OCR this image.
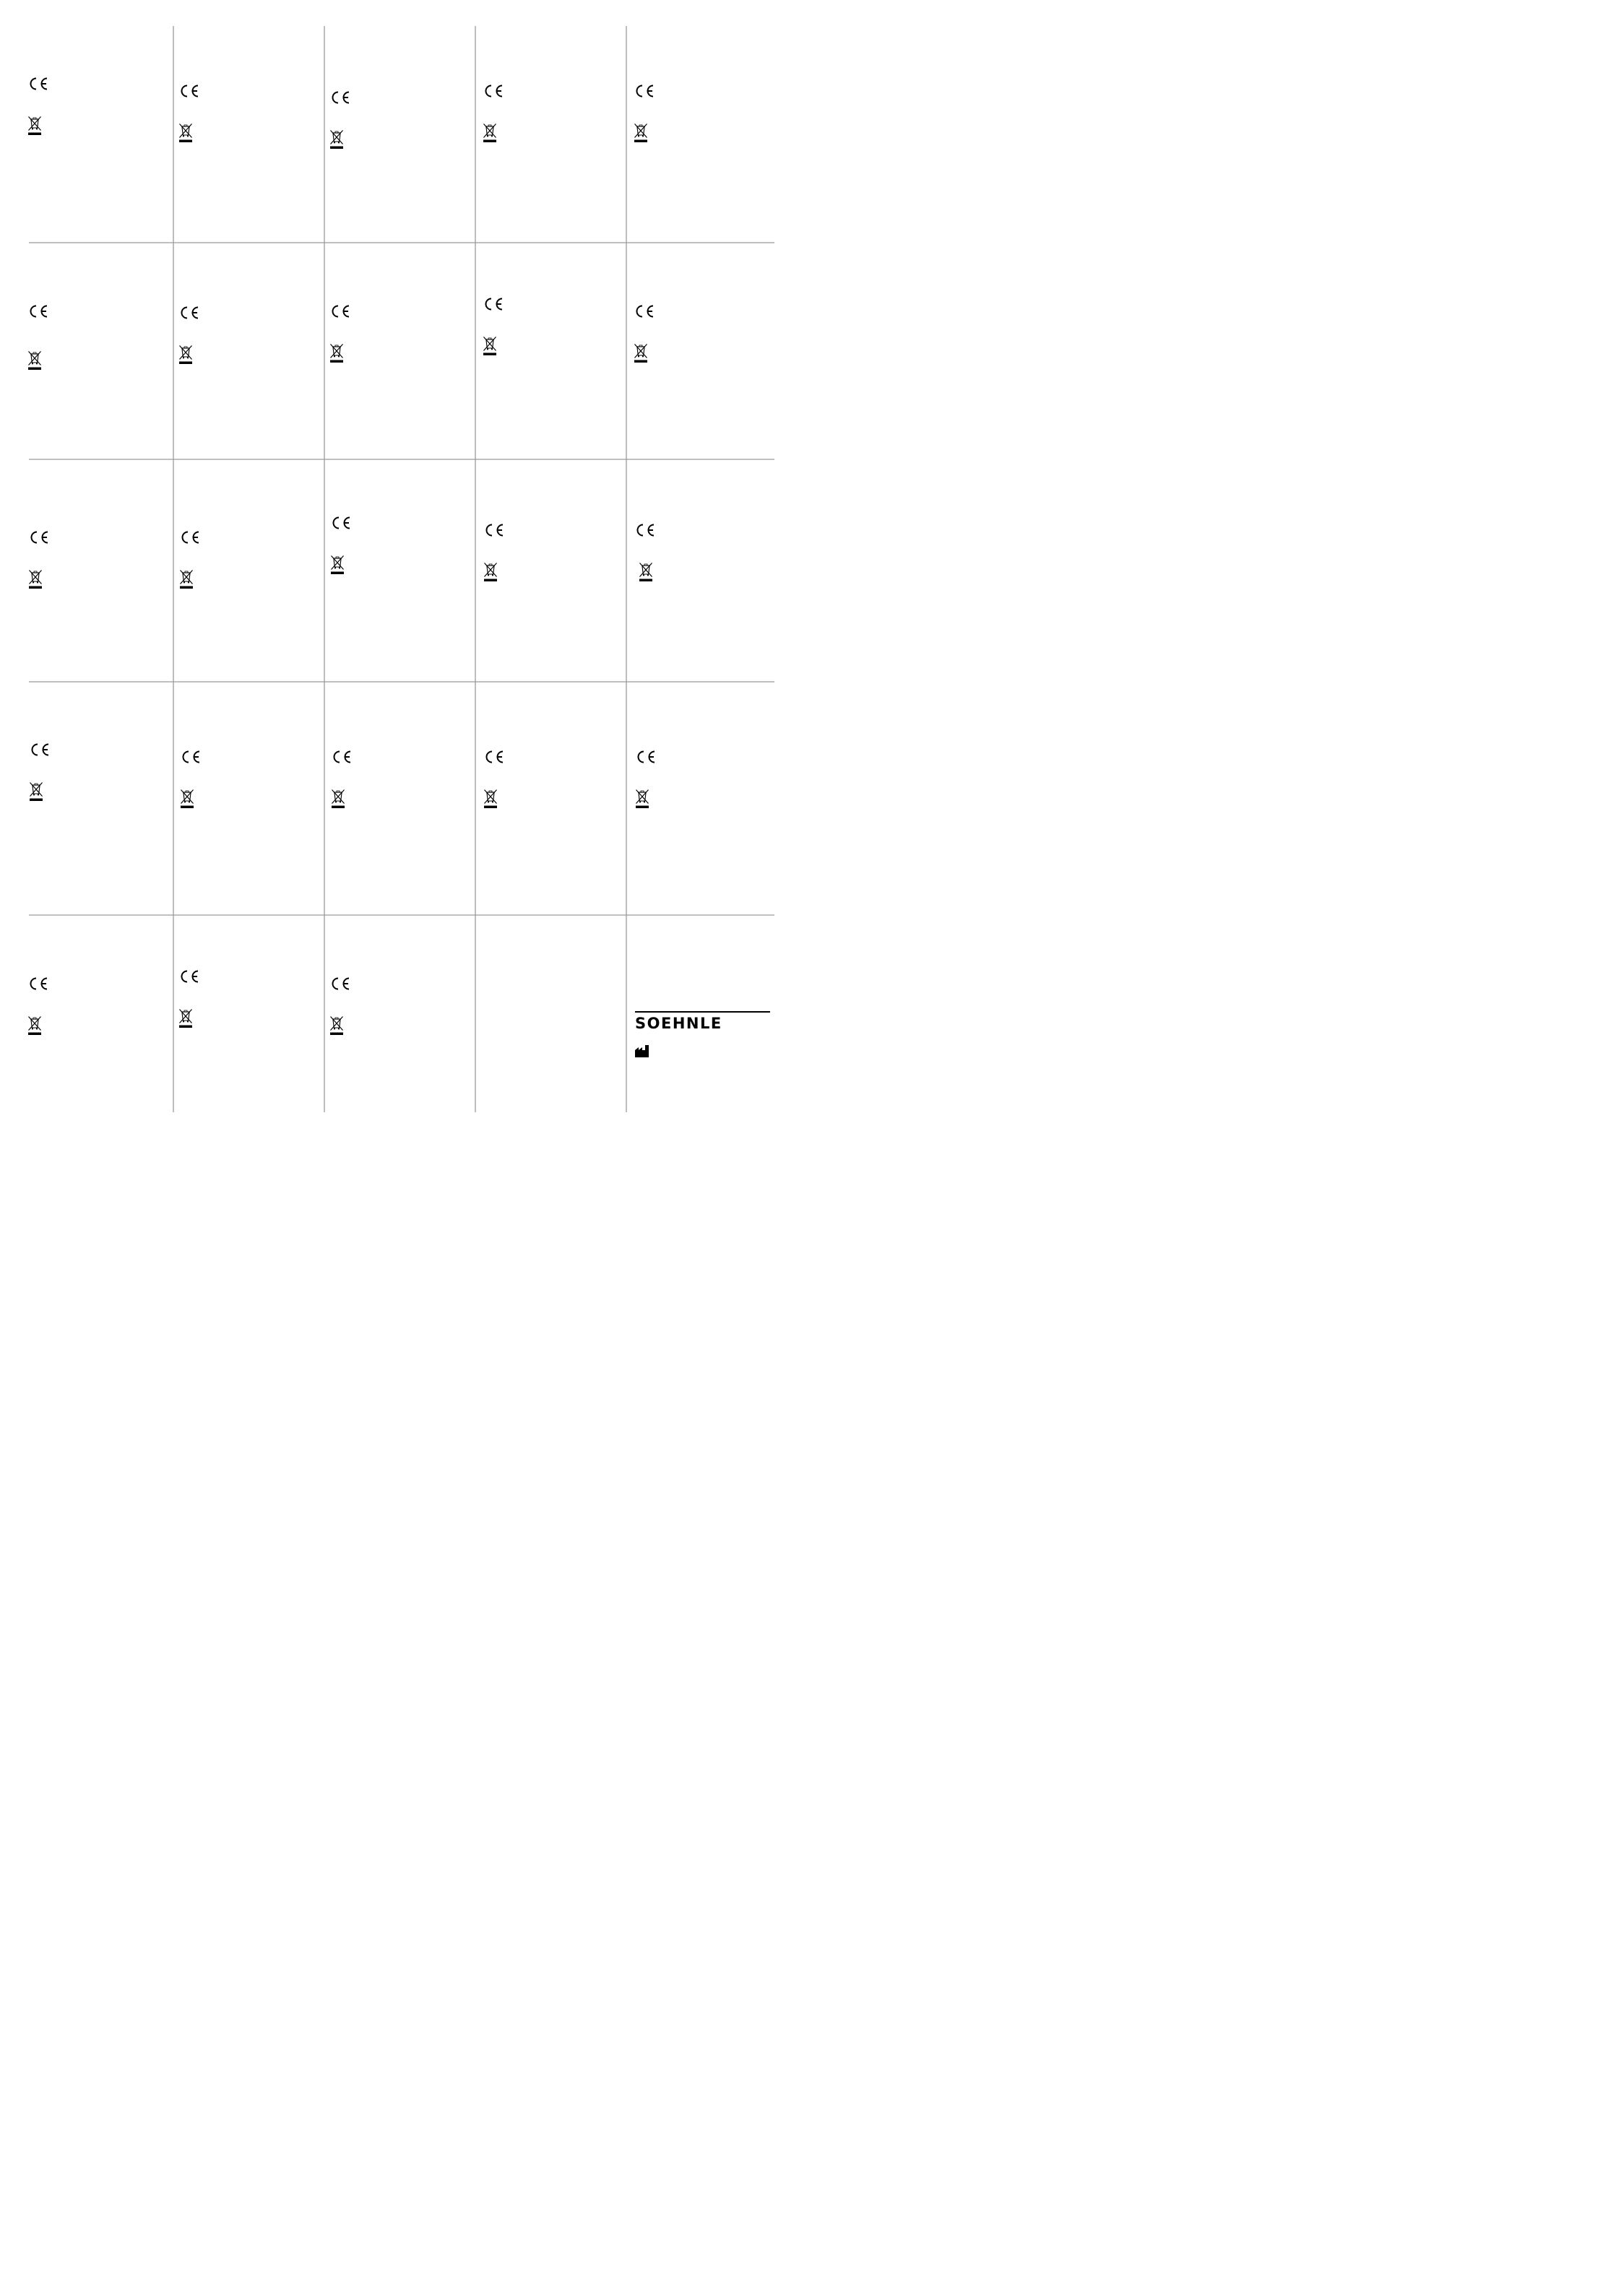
SOEHNLE
